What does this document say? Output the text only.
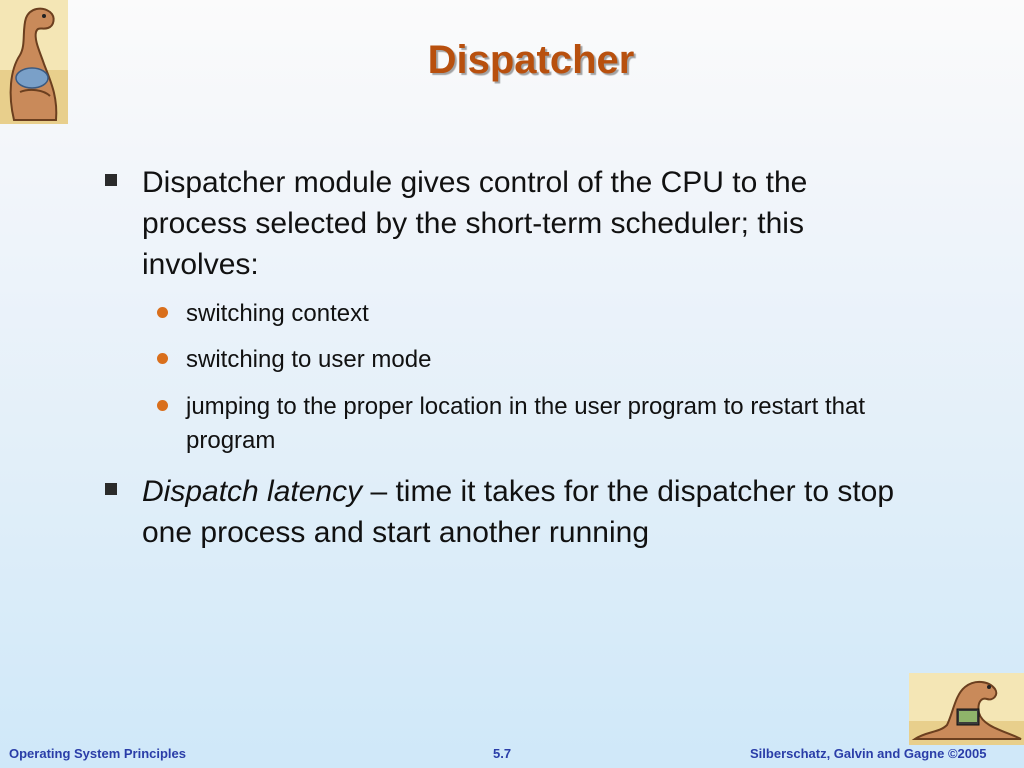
Dispatcher
Dispatcher module gives control of the CPU to the process selected by the short-term scheduler; this involves:
switching context
switching to user mode
jumping to the proper location in the user program to restart that program
Dispatch latency – time it takes for the dispatcher to stop one process and start another running
Operating System Principles	5.7	Silberschatz, Galvin and Gagne ©2005
